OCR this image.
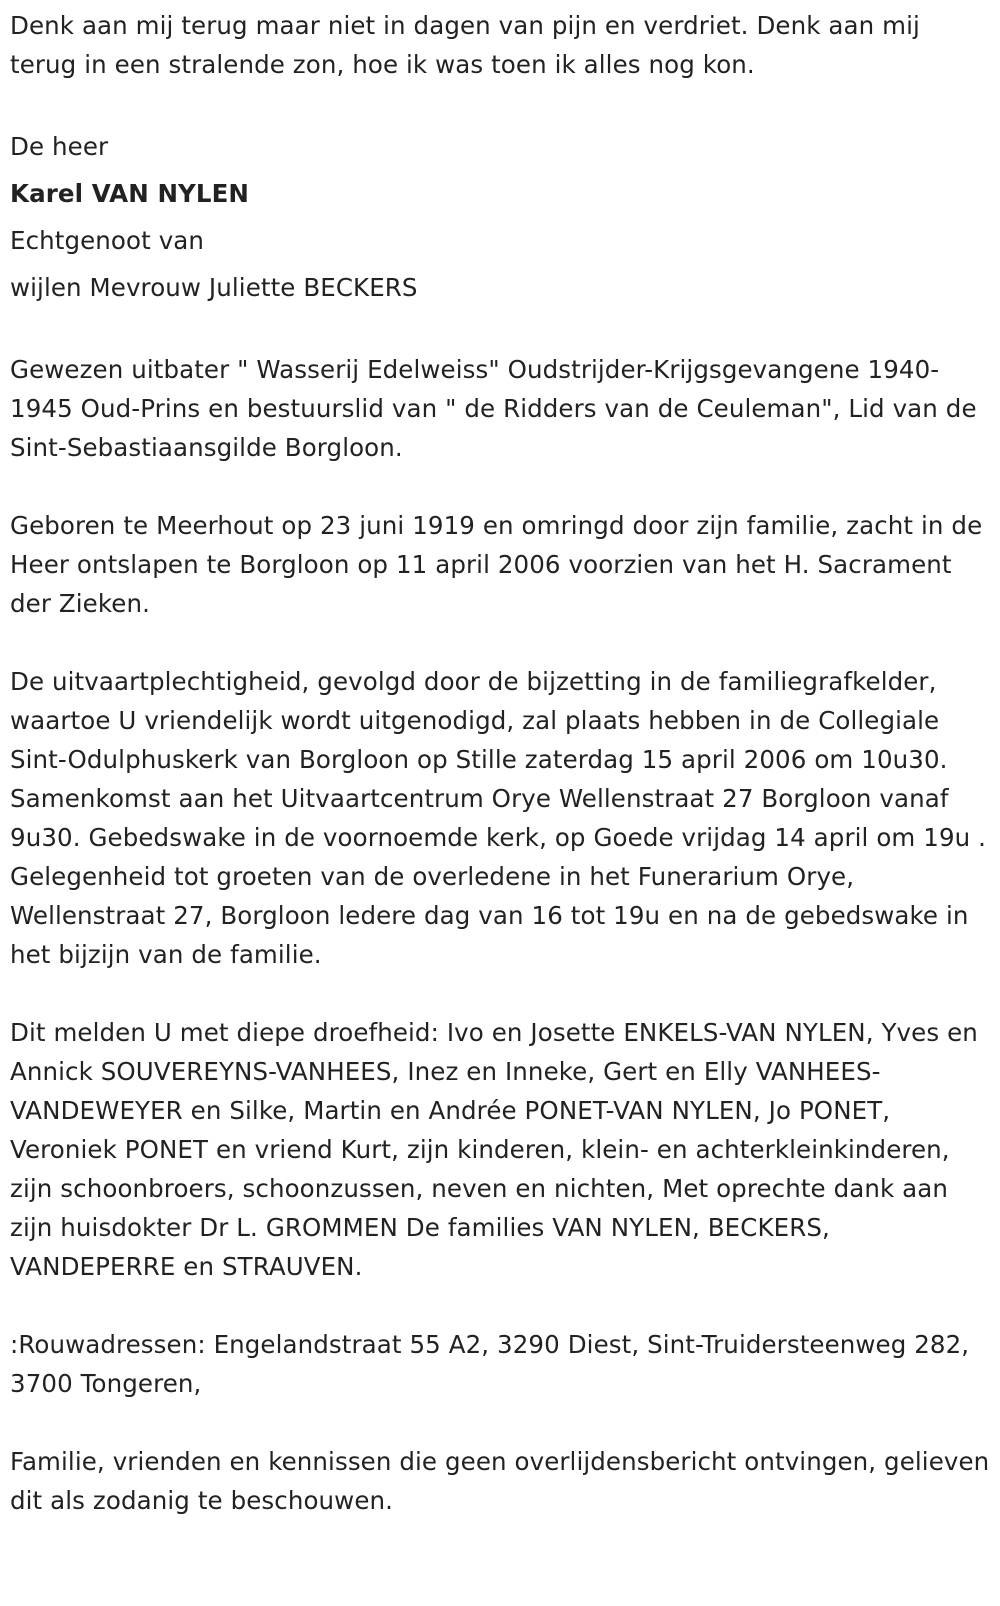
Denk aan mij terug maar niet in dagen van pijn en verdriet. Denk aan mij terug in een stralende zon, hoe ik was toen ik alles nog kon.

De heer

Karel VAN NYLEN

Echtgenoot van

wijlen Mevrouw Juliette BECKERS

Gewezen uitbater " Wasserij Edelweiss" Oudstrijder-Krijgsgevangene 1940-1945 Oud-Prins en bestuurslid van " de Ridders van de Ceuleman", Lid van de Sint-Sebastiaansgilde Borgloon.

Geboren te Meerhout op 23 juni 1919 en omringd door zijn familie, zacht in de Heer ontslapen te Borgloon op 11 april 2006 voorzien van het H. Sacrament der Zieken.

De uitvaartplechtigheid, gevolgd door de bijzetting in de familiegrafkelder, waartoe U vriendelijk wordt uitgenodigd, zal plaats hebben in de Collegiale Sint-Odulphuskerk van Borgloon op Stille zaterdag 15 april 2006 om 10u30. Samenkomst aan het Uitvaartcentrum Orye Wellenstraat 27 Borgloon vanaf 9u30. Gebedswake in de voornoemde kerk, op Goede vrijdag 14 april om 19u . Gelegenheid tot groeten van de overledene in het Funerarium Orye, Wellenstraat 27, Borgloon ledere dag van 16 tot 19u en na de gebedswake in het bijzijn van de familie.

Dit melden U met diepe droefheid: Ivo en Josette ENKELS-VAN NYLEN, Yves en Annick SOUVEREYNS-VANHEES, Inez en Inneke, Gert en Elly VANHEES-VANDEWEYER en Silke, Martin en Andrée PONET-VAN NYLEN, Jo PONET, Veroniek PONET en vriend Kurt, zijn kinderen, klein- en achterkleinkinderen, zijn schoonbroers, schoonzussen, neven en nichten, Met oprechte dank aan zijn huisdokter Dr L. GROMMEN De families VAN NYLEN, BECKERS, VANDEPERRE en STRAUVEN.

:Rouwadressen: Engelandstraat 55 A2, 3290 Diest, Sint-Truidersteenweg 282, 3700 Tongeren,

Familie, vrienden en kennissen die geen overlijdensbericht ontvingen, gelieven dit als zodanig te beschouwen.
